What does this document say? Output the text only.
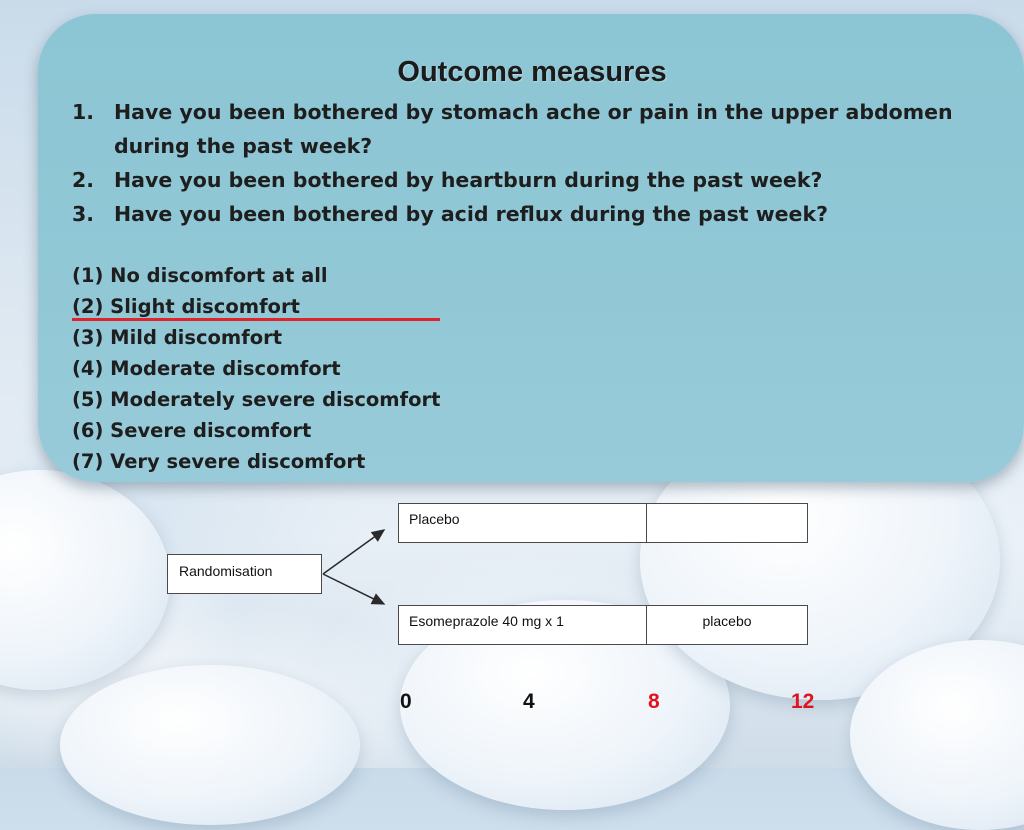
Outcome measures
1. Have you been bothered by stomach ache or pain in the upper abdomen during the past week?
2. Have you been bothered by heartburn during the past week?
3. Have you been bothered by acid reflux during the past week?
(1) No discomfort at all
(2) Slight discomfort
(3) Mild discomfort
(4) Moderate discomfort
(5) Moderately severe discomfort
(6) Severe discomfort
(7) Very severe discomfort
Randomisation
Placebo
Esomeprazole 40 mg x 1	placebo
0	4	8	12
